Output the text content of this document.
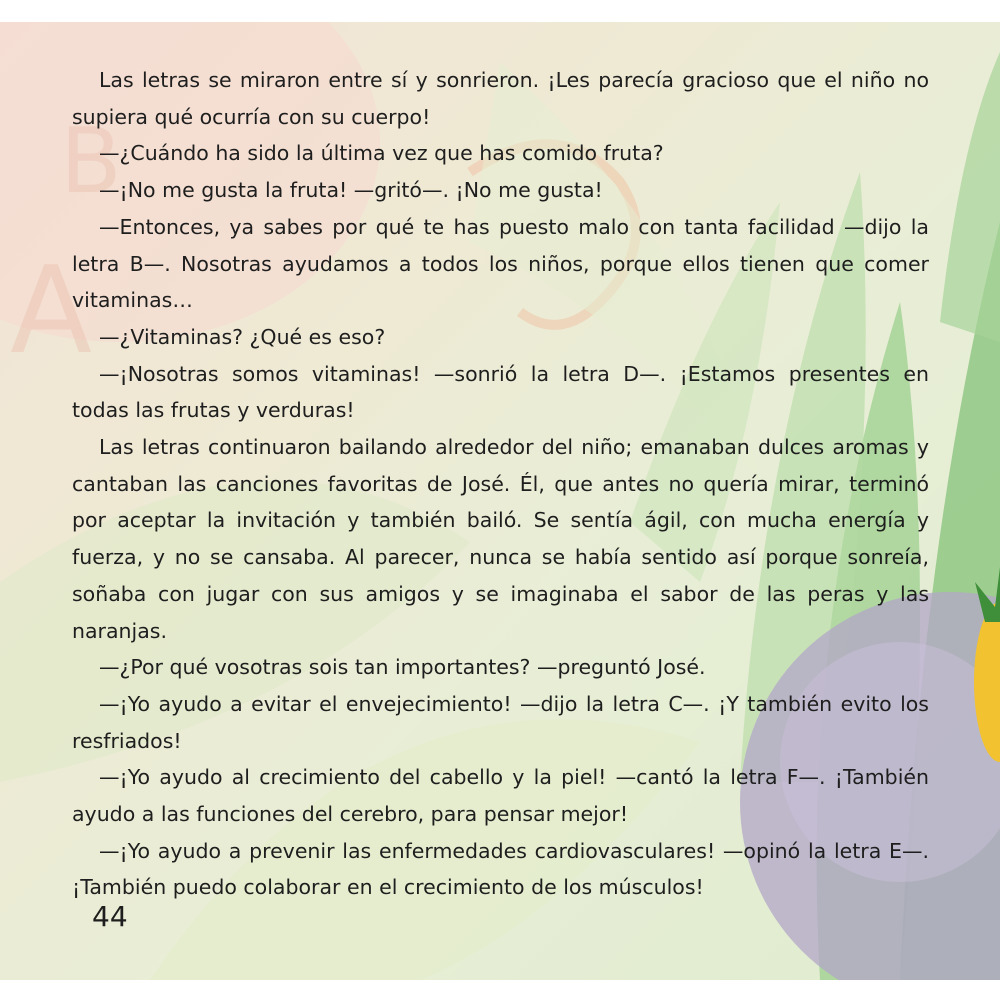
A
B

Las letras se miraron entre sí y sonrieron. ¡Les parecía gracioso que el niño no supiera qué ocurría con su cuerpo!

—¿Cuándo ha sido la última vez que has comido fruta?

—¡No me gusta la fruta! —gritó—. ¡No me gusta!

—Entonces, ya sabes por qué te has puesto malo con tanta facilidad —dijo la letra B—. Nosotras ayudamos a todos los niños, porque ellos tienen que comer vitaminas…

—¿Vitaminas? ¿Qué es eso?

—¡Nosotras somos vitaminas! —sonrió la letra D—. ¡Estamos presentes en todas las frutas y verduras!

Las letras continuaron bailando alrededor del niño; emanaban dulces aromas y cantaban las canciones favoritas de José. Él, que antes no quería mirar, terminó por aceptar la invitación y también bailó. Se sentía ágil, con mucha energía y fuerza, y no se cansaba. Al parecer, nunca se había sentido así porque sonreía, soñaba con jugar con sus amigos y se imaginaba el sabor de las peras y las naranjas.

—¿Por qué vosotras sois tan importantes? —preguntó José.

—¡Yo ayudo a evitar el envejecimiento! —dijo la letra C—. ¡Y también evito los resfriados!

—¡Yo ayudo al crecimiento del cabello y la piel! —cantó la letra F—. ¡También ayudo a las funciones del cerebro, para pensar mejor!

—¡Yo ayudo a prevenir las enfermedades cardiovasculares! —opinó la letra E—. ¡También puedo colaborar en el crecimiento de los músculos!

44
